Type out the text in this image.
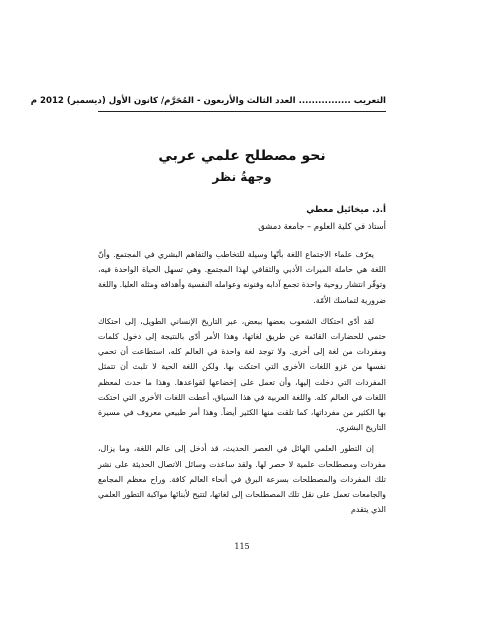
التعريب ................ العدد الثالث والأربعون - المُحَرَّم/ كانون الأول (ديسمبر) 2012 م
نحو مصطلح علمي عربي
وجهةُ نظر
أ.د. ميخائيل معطي
أستاذ في كلية العلوم – جامعة دمشق

يعرّف علماء الاجتماع اللغة بأنّها وسيلة للتخاطب والتفاهم البشري في المجتمع. وأنّ اللغة هي حاملة الميراث الأدبي والثقافي لهذا المجتمع. وهي تسهل الحياة الواحدة فيه، وتوفّر انتشار روحية واحدة تجمع آدابه وفنونه وعوامله النفسية وأهدافه ومثله العليا. واللغة ضرورية لتماسك الأمّة.

لقد أدّى احتكاك الشعوب بعضها ببعض، عبر التاريخ الإنساني الطويل، إلى احتكاك حتمي للحضارات القائمة عن طريق لغاتها، وهذا الأمر أدّى بالنتيجة إلى دخول كلمات ومفردات من لغة إلى أخرى. ولا توجد لغة واحدة في العالم كله، استطاعت أن تحمي نفسها من غزو اللغات الأخرى التي احتكت بها. ولكن اللغة الحية لا تلبث أن تتمثل المفردات التي دخلت إليها، وأن تعمل على إخضاعها لقواعدها. وهذا ما حدث لمعظم اللغات في العالم كله. واللغة العربية في هذا السياق، أعطت اللغات الأخرى التي احتكت بها الكثير من مفرداتها، كما تلقت منها الكثير أيضاً. وهذا أمر طبيعي معروف في مسيرة التاريخ البشري.

إن التطور العلمي الهائل في العصر الحديث، قد أدخل إلى عالم اللغة، وما يزال، مفردات ومصطلحات علمية لا حصر لها. ولقد ساعدت وسائل الاتصال الحديثة على نشر تلك المفردات والمصطلحات بسرعة البرق في أنحاء العالم كافة. وراح معظم المجامع والجامعات تعمل على نقل تلك المصطلحات إلى لغاتها، لتتيح لأبنائها مواكبة التطور العلمي الذي يتقدم

115
